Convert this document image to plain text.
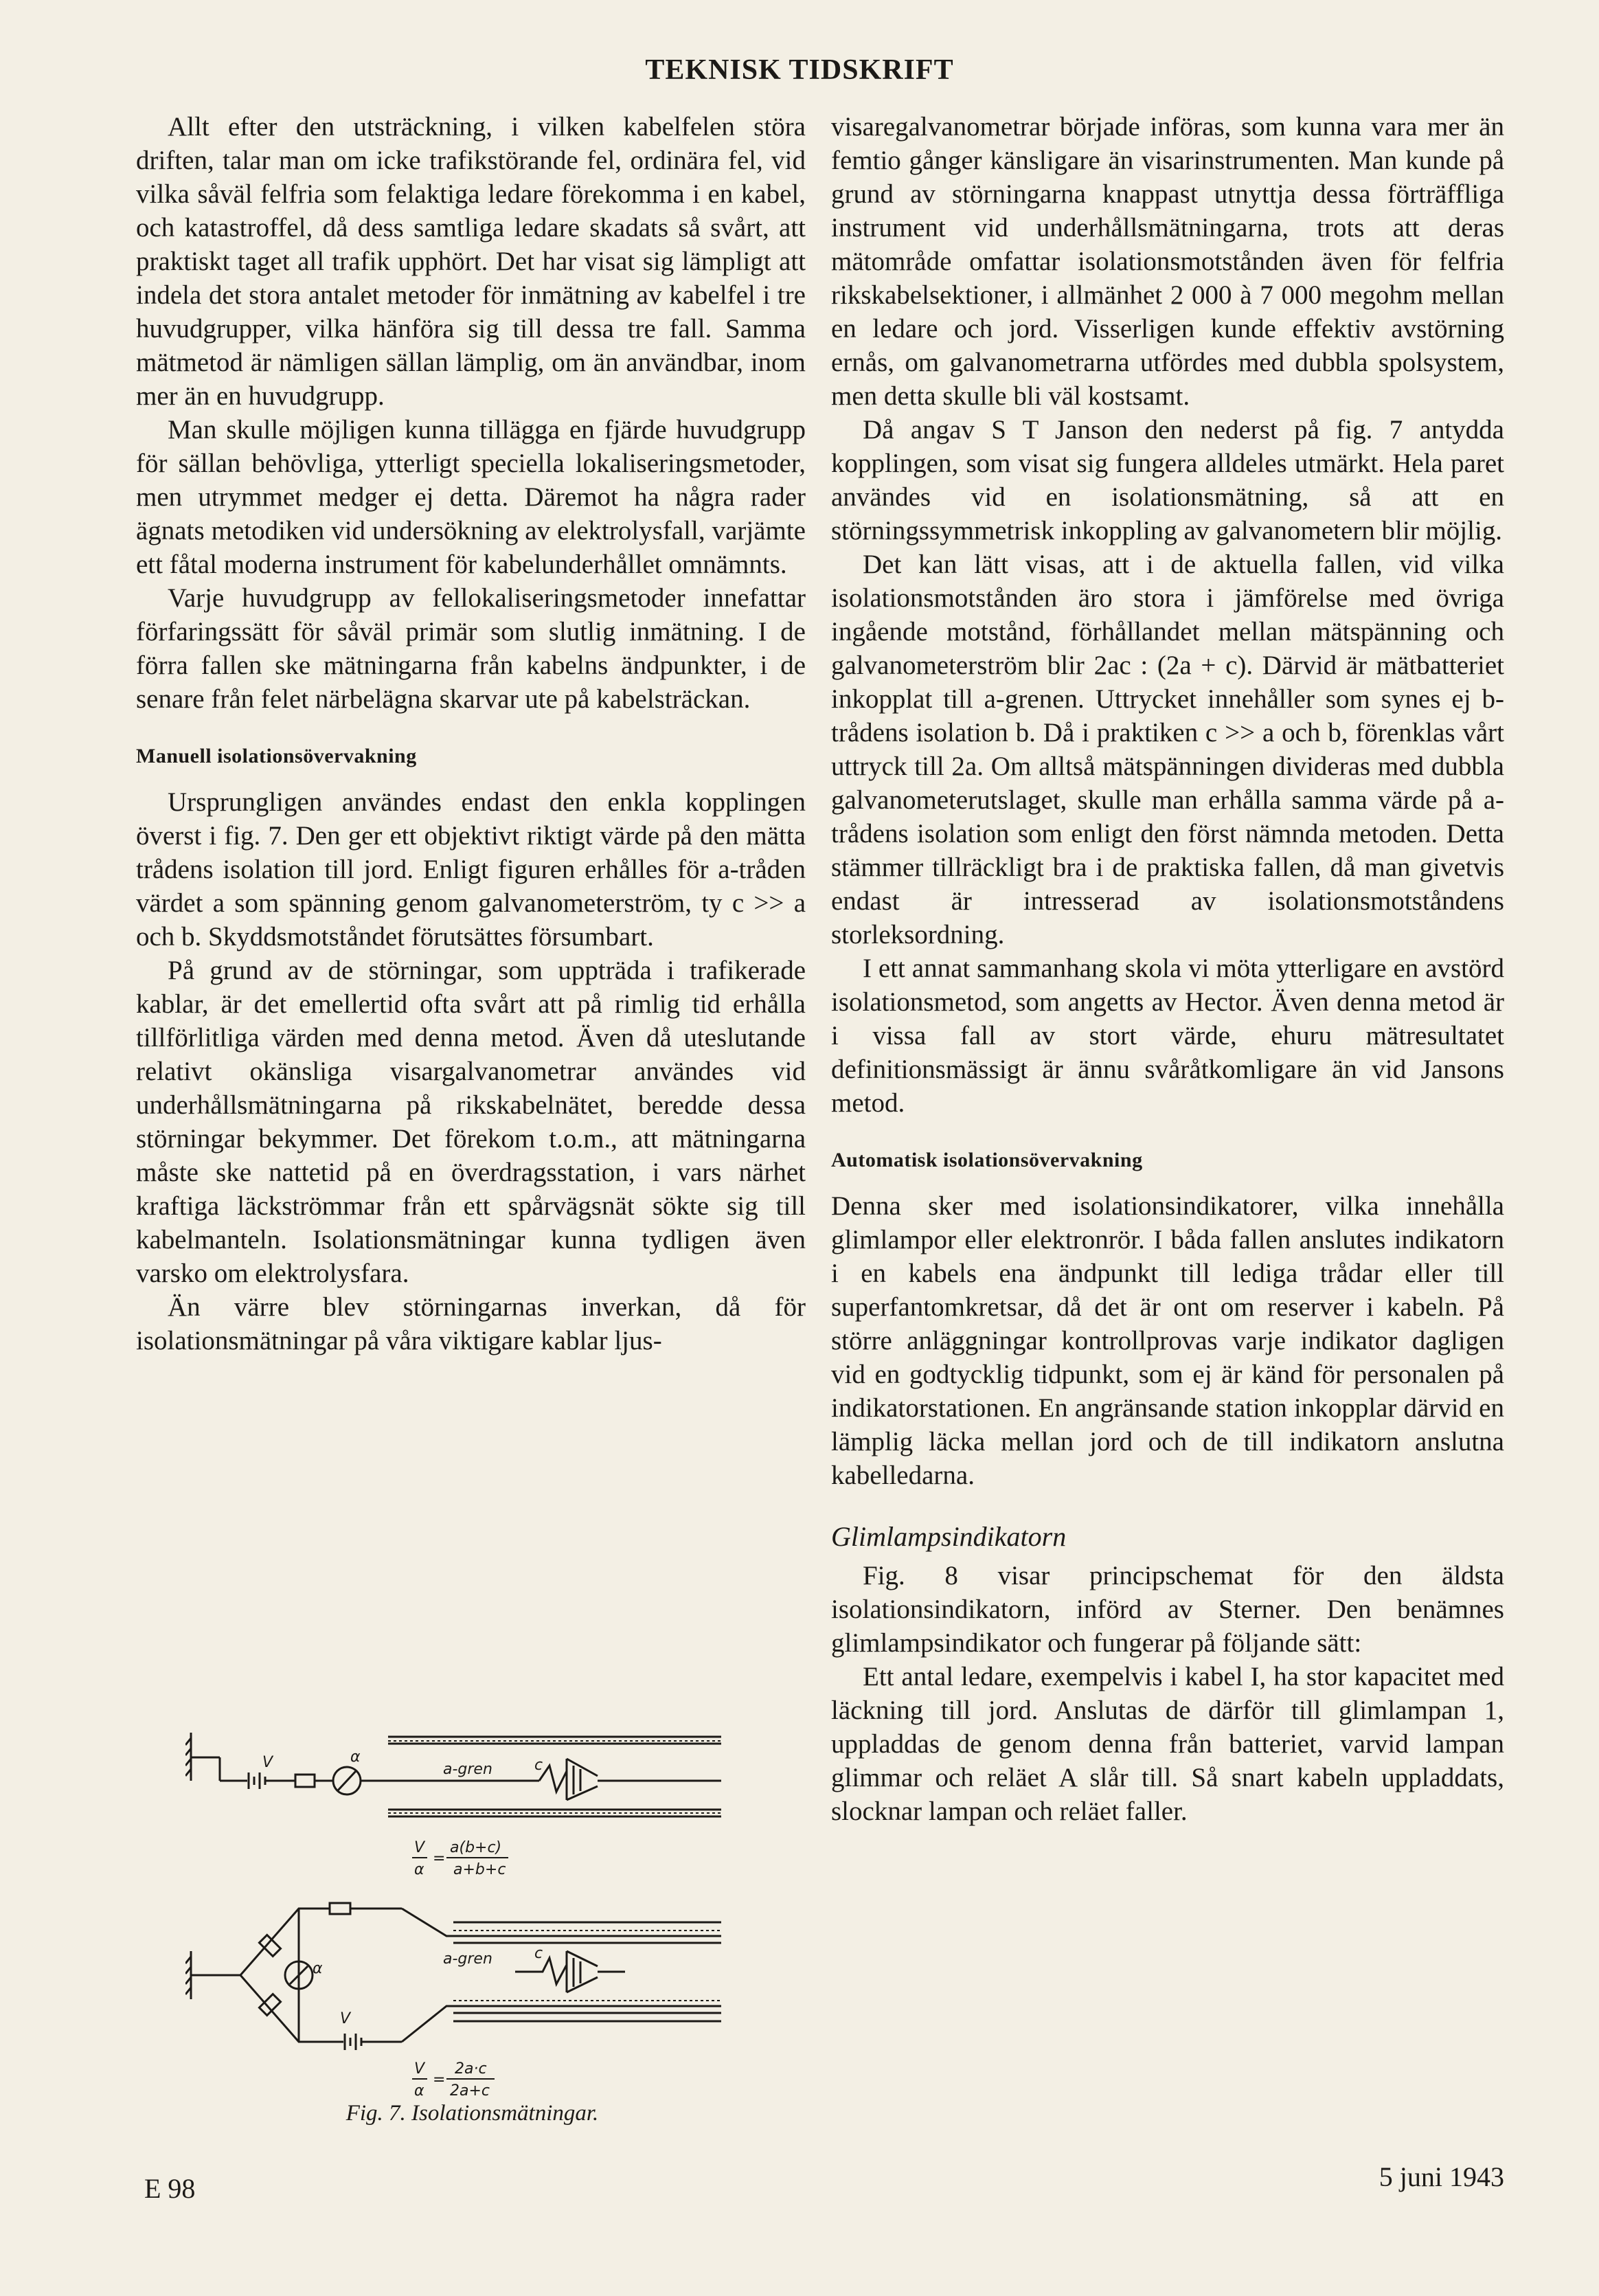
TEKNISK TIDSKRIFT

Allt efter den utsträckning, i vilken kabelfelen störa driften, talar man om icke trafikstörande fel, ordinära fel, vid vilka såväl felfria som felaktiga ledare förekomma i en kabel, och katastroffel, då dess samtliga ledare skadats så svårt, att praktiskt taget all trafik upphört. Det har visat sig lämpligt att indela det stora antalet metoder för inmätning av kabelfel i tre huvudgrupper, vilka hänföra sig till dessa tre fall. Samma mätmetod är nämligen sällan lämplig, om än användbar, inom mer än en huvudgrupp.

Man skulle möjligen kunna tillägga en fjärde huvudgrupp för sällan behövliga, ytterligt speciella lokaliseringsmetoder, men utrymmet medger ej detta. Däremot ha några rader ägnats metodiken vid undersökning av elektrolysfall, varjämte ett fåtal moderna instrument för kabelunderhållet omnämnts.

Varje huvudgrupp av fellokaliseringsmetoder innefattar förfaringssätt för såväl primär som slutlig inmätning. I de förra fallen ske mätningarna från kabelns ändpunkter, i de senare från felet närbelägna skarvar ute på kabelsträckan.

Manuell isolationsövervakning

Ursprungligen användes endast den enkla kopplingen överst i fig. 7. Den ger ett objektivt riktigt värde på den mätta trådens isolation till jord. Enligt figuren erhålles för a-tråden värdet a som spänning genom galvanometerström, ty c >> a och b. Skyddsmotståndet förutsättes försumbart.

På grund av de störningar, som uppträda i trafikerade kablar, är det emellertid ofta svårt att på rimlig tid erhålla tillförlitliga värden med denna metod. Även då uteslutande relativt okänsliga visargalvanometrar användes vid underhållsmätningarna på rikskabelnätet, beredde dessa störningar bekymmer. Det förekom t.o.m., att mätningarna måste ske nattetid på en överdragsstation, i vars närhet kraftiga läckströmmar från ett spårvägsnät sökte sig till kabelmanteln. Isolationsmätningar kunna tydligen även varsko om elektrolysfara.

Än värre blev störningarnas inverkan, då för isolationsmätningar på våra viktigare kablar ljus-

visaregalvanometrar började införas, som kunna vara mer än femtio gånger känsligare än visarinstrumenten. Man kunde på grund av störningarna knappast utnyttja dessa förträffliga instrument vid underhållsmätningarna, trots att deras mätområde omfattar isolationsmotstånden även för felfria rikskabelsektioner, i allmänhet 2 000 à 7 000 megohm mellan en ledare och jord. Visserligen kunde effektiv avstörning ernås, om galvanometrarna utfördes med dubbla spolsystem, men detta skulle bli väl kostsamt.

Då angav S T Janson den nederst på fig. 7 antydda kopplingen, som visat sig fungera alldeles utmärkt. Hela paret användes vid en isolationsmätning, så att en störningssymmetrisk inkoppling av galvanometern blir möjlig.

Det kan lätt visas, att i de aktuella fallen, vid vilka isolationsmotstånden äro stora i jämförelse med övriga ingående motstånd, förhållandet mellan mätspänning och galvanometerström blir 2ac : (2a + c). Därvid är mätbatteriet inkopplat till a-grenen. Uttrycket innehåller som synes ej b-trådens isolation b. Då i praktiken c >> a och b, förenklas vårt uttryck till 2a. Om alltså mätspänningen divideras med dubbla galvanometerutslaget, skulle man erhålla samma värde på a-trådens isolation som enligt den först nämnda metoden. Detta stämmer tillräckligt bra i de praktiska fallen, då man givetvis endast är intresserad av isolationsmotståndens storleksordning.

I ett annat sammanhang skola vi möta ytterligare en avstörd isolationsmetod, som angetts av Hector. Även denna metod är i vissa fall av stort värde, ehuru mätresultatet definitionsmässigt är ännu svåråtkomligare än vid Jansons metod.

Automatisk isolationsövervakning

Denna sker med isolationsindikatorer, vilka innehålla glimlampor eller elektronrör. I båda fallen anslutes indikatorn i en kabels ena ändpunkt till lediga trådar eller till superfantomkretsar, då det är ont om reserver i kabeln. På större anläggningar kontrollprovas varje indikator dagligen vid en godtycklig tidpunkt, som ej är känd för personalen på indikatorstationen. En angränsande station inkopplar därvid en lämplig läcka mellan jord och de till indikatorn anslutna kabelledarna.

Glimlampsindikatorn

Fig. 8 visar principschemat för den äldsta isolationsindikatorn, införd av Sterner. Den benämnes glimlampsindikator och fungerar på följande sätt:

Ett antal ledare, exempelvis i kabel I, ha stor kapacitet med läckning till jord. Anslutas de därför till glimlampan 1, uppladdas de genom denna från batteriet, varvid lampan glimmar och reläet A slår till. Så snart kabeln uppladdats, slocknar lampan och reläet faller.

V	α
a-gren	c
V
α
=
a(b+c)
a+b+c
α
V
a-gren	c
V
α
=
2a·c
2a+c
Fig. 7. Isolationsmätningar.
E 98	5 juni 1943
